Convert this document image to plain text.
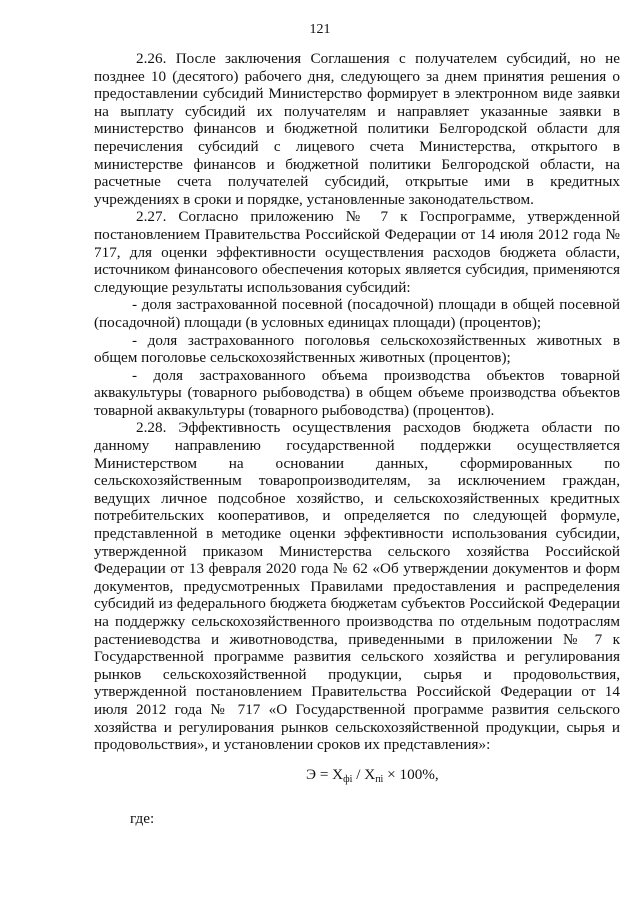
121

2.26. После заключения Соглашения с получателем субсидий, но не позднее 10 (десятого) рабочего дня, следующего за днем принятия решения о предоставлении субсидий Министерство формирует в электронном виде заявки на выплату субсидий их получателям и направляет указанные заявки в министерство финансов и бюджетной политики Белгородской области для перечисления субсидий с лицевого счета Министерства, открытого в министерстве финансов и бюджетной политики Белгородской области, на расчетные счета получателей субсидий, открытые ими в кредитных учреждениях в сроки и порядке, установленные законодательством.

2.27. Согласно приложению № 7 к Госпрограмме, утвержденной постановлением Правительства Российской Федерации от 14 июля 2012 года № 717, для оценки эффективности осуществления расходов бюджета области, источником финансового обеспечения которых является субсидия, применяются следующие результаты использования субсидий:

- доля застрахованной посевной (посадочной) площади в общей посевной (посадочной) площади (в условных единицах площади) (процентов);

- доля застрахованного поголовья сельскохозяйственных животных в общем поголовье сельскохозяйственных животных (процентов);

- доля застрахованного объема производства объектов товарной аквакультуры (товарного рыбоводства) в общем объеме производства объектов товарной аквакультуры (товарного рыбоводства) (процентов).

2.28. Эффективность осуществления расходов бюджета области по данному направлению государственной поддержки осуществляется Министерством на основании данных, сформированных по сельскохозяйственным товаропроизводителям, за исключением граждан, ведущих личное подсобное хозяйство, и сельскохозяйственных кредитных потребительских кооперативов, и определяется по следующей формуле, представленной в методике оценки эффективности использования субсидии, утвержденной приказом Министерства сельского хозяйства Российской Федерации от 13 февраля 2020 года № 62 «Об утверждении документов и форм документов, предусмотренных Правилами предоставления и распределения субсидий из федерального бюджета бюджетам субъектов Российской Федерации на поддержку сельскохозяйственного производства по отдельным подотраслям растениеводства и животноводства, приведенными в приложении № 7 к Государственной программе развития сельского хозяйства и регулирования рынков сельскохозяйственной продукции, сырья и продовольствия, утвержденной постановлением Правительства Российской Федерации от 14 июля 2012 года № 717 «О Государственной программе развития сельского хозяйства и регулирования рынков сельскохозяйственной продукции, сырья и продовольствия», и установлении сроков их представления»:

$Э = X_{фi} / X_{пi} \times 100\%$,

где:
